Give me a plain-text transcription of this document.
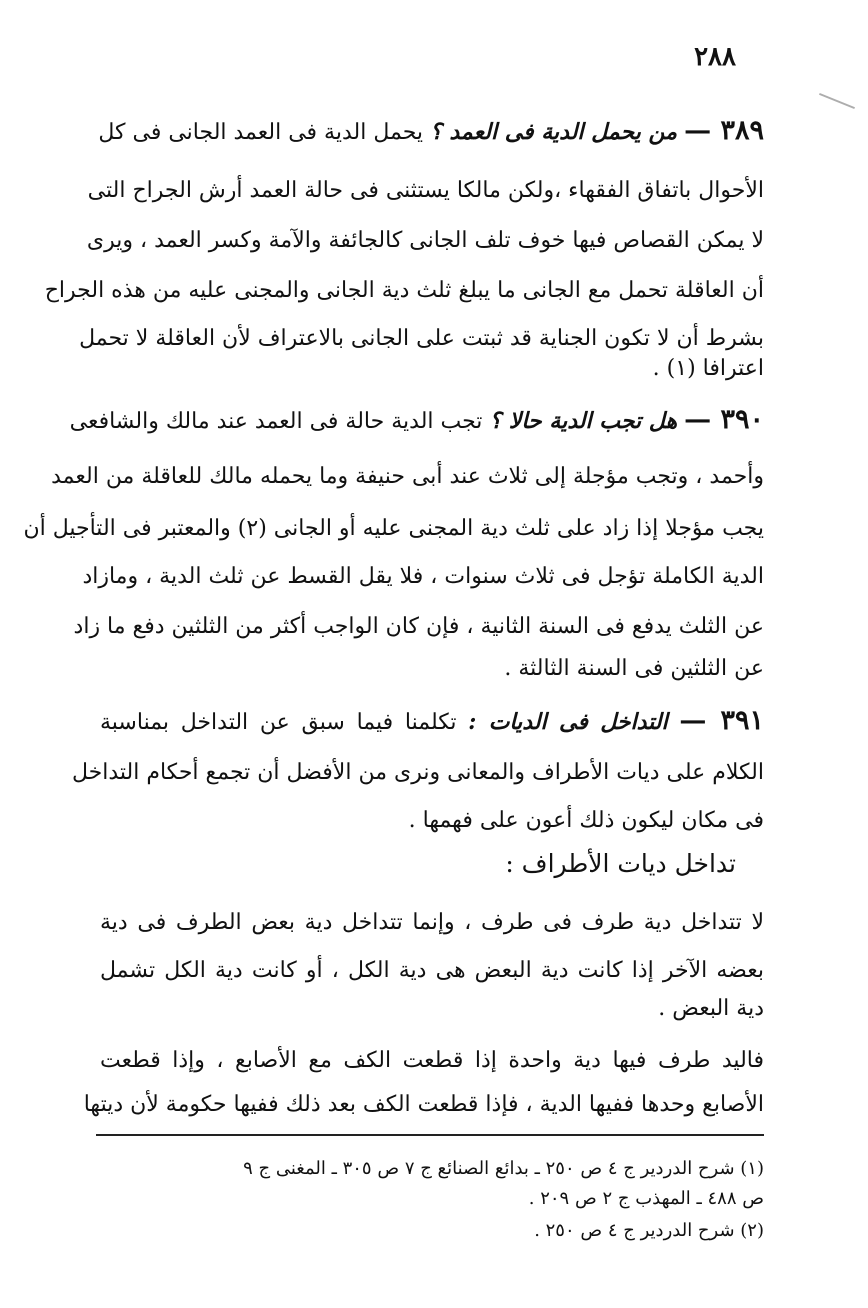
٢٨٨
٣٨٩ — من يحمل الدية فى العمد ؟ يحمل الدية فى العمد الجانى فى كل
الأحوال باتفاق الفقهاء ،ولكن مالكا يستثنى فى حالة العمد أرش الجراح التى
لا يمكن القصاص فيها خوف تلف الجانى كالجائفة والآمة وكسر العمد ، ويرى
أن العاقلة تحمل مع الجانى ما يبلغ ثلث دية الجانى والمجنى عليه من هذه الجراح
بشرط أن لا تكون الجناية قد ثبتت على الجانى بالاعتراف لأن العاقلة لا تحمل
اعترافا (١) .
٣٩٠ — هل تجب الدية حالا ؟ تجب الدية حالة فى العمد عند مالك والشافعى
وأحمد ، وتجب مؤجلة إلى ثلاث عند أبى حنيفة وما يحمله مالك للعاقلة من العمد
يجب مؤجلا إذا زاد على ثلث دية المجنى عليه أو الجانى (٢) والمعتبر فى التأجيل أن
الدية الكاملة تؤجل فى ثلاث سنوات ، فلا يقل القسط عن ثلث الدية ، ومازاد
عن الثلث يدفع فى السنة الثانية ، فإن كان الواجب أكثر من الثلثين دفع ما زاد
عن الثلثين فى السنة الثالثة .
٣٩١ — التداخل فى الديات : تكلمنا فيما سبق عن التداخل بمناسبة
الكلام على ديات الأطراف والمعانى ونرى من الأفضل أن تجمع أحكام التداخل
فى مكان ليكون ذلك أعون على فهمها .
تداخل ديات الأطراف :
لا تتداخل دية طرف فى طرف ، وإنما تتداخل دية بعض الطرف فى دية
بعضه الآخر إذا كانت دية البعض هى دية الكل ، أو كانت دية الكل تشمل
دية البعض .
فاليد طرف فيها دية واحدة إذا قطعت الكف مع الأصابع ، وإذا قطعت
الأصابع وحدها ففيها الدية ، فإذا قطعت الكف بعد ذلك ففيها حكومة لأن ديتها
(١) شرح الدردير ج ٤ ص ٢٥٠ ـ بدائع الصنائع ج ٧ ص ٣٠٥ ـ المغنى ج ٩
ص ٤٨٨ ـ المهذب ج ٢ ص ٢٠٩ .
(٢) شرح الدردير ج ٤ ص ٢٥٠ .
